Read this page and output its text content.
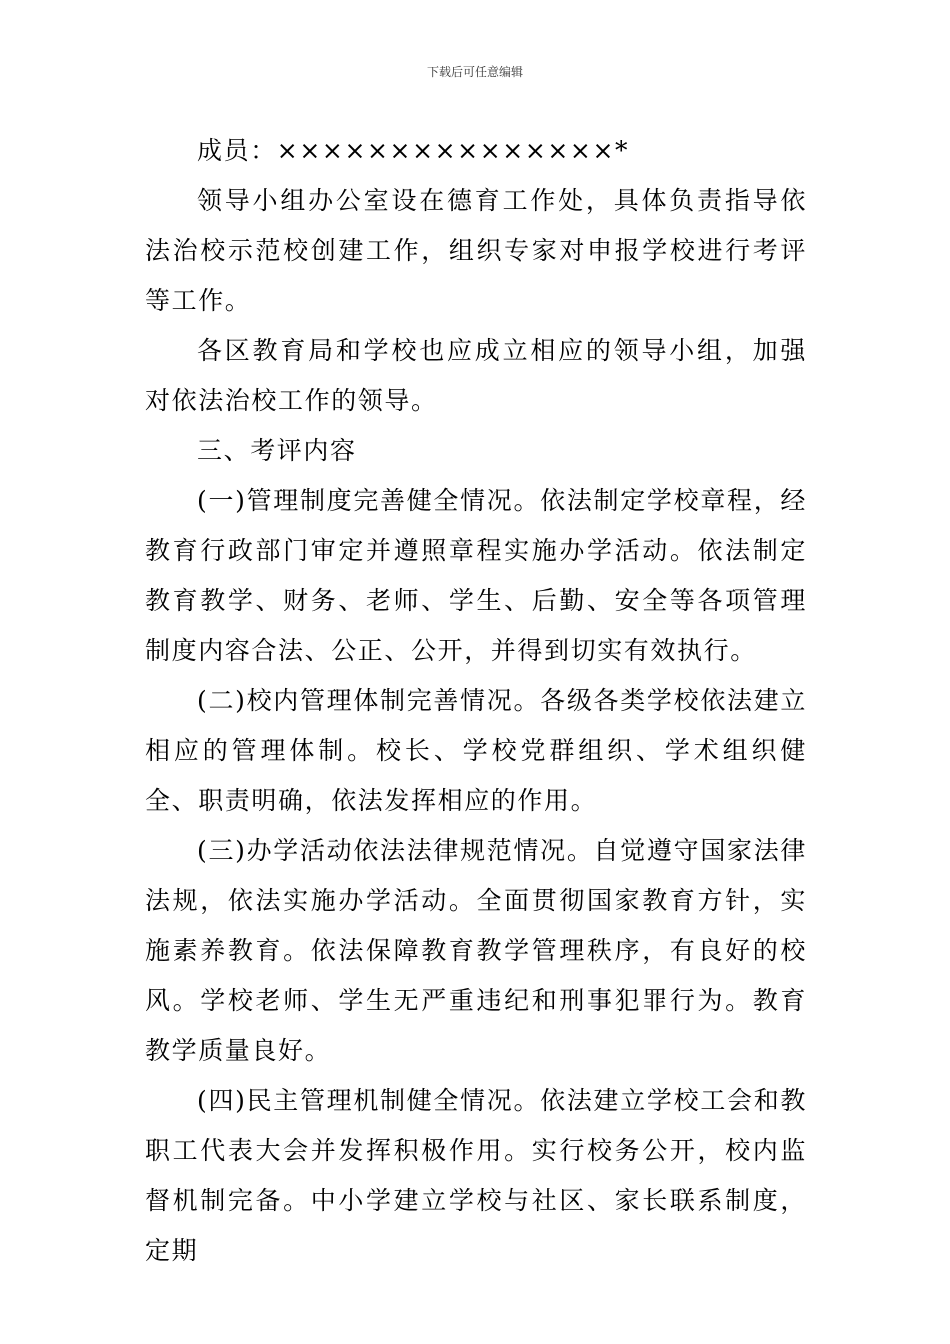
下载后可任意编辑

成员：×××××××××××××××*

领导小组办公室设在德育工作处，具体负责指导依法治校示范校创建工作，组织专家对申报学校进行考评等工作。

各区教育局和学校也应成立相应的领导小组，加强对依法治校工作的领导。

三、考评内容

(一)管理制度完善健全情况。依法制定学校章程，经教育行政部门审定并遵照章程实施办学活动。依法制定教育教学、财务、老师、学生、后勤、安全等各项管理制度内容合法、公正、公开，并得到切实有效执行。

(二)校内管理体制完善情况。各级各类学校依法建立相应的管理体制。校长、学校党群组织、学术组织健全、职责明确，依法发挥相应的作用。

(三)办学活动依法法律规范情况。自觉遵守国家法律法规，依法实施办学活动。全面贯彻国家教育方针，实施素养教育。依法保障教育教学管理秩序，有良好的校风。学校老师、学生无严重违纪和刑事犯罪行为。教育教学质量良好。

(四)民主管理机制健全情况。依法建立学校工会和教职工代表大会并发挥积极作用。实行校务公开，校内监督机制完备。中小学建立学校与社区、家长联系制度，定期
